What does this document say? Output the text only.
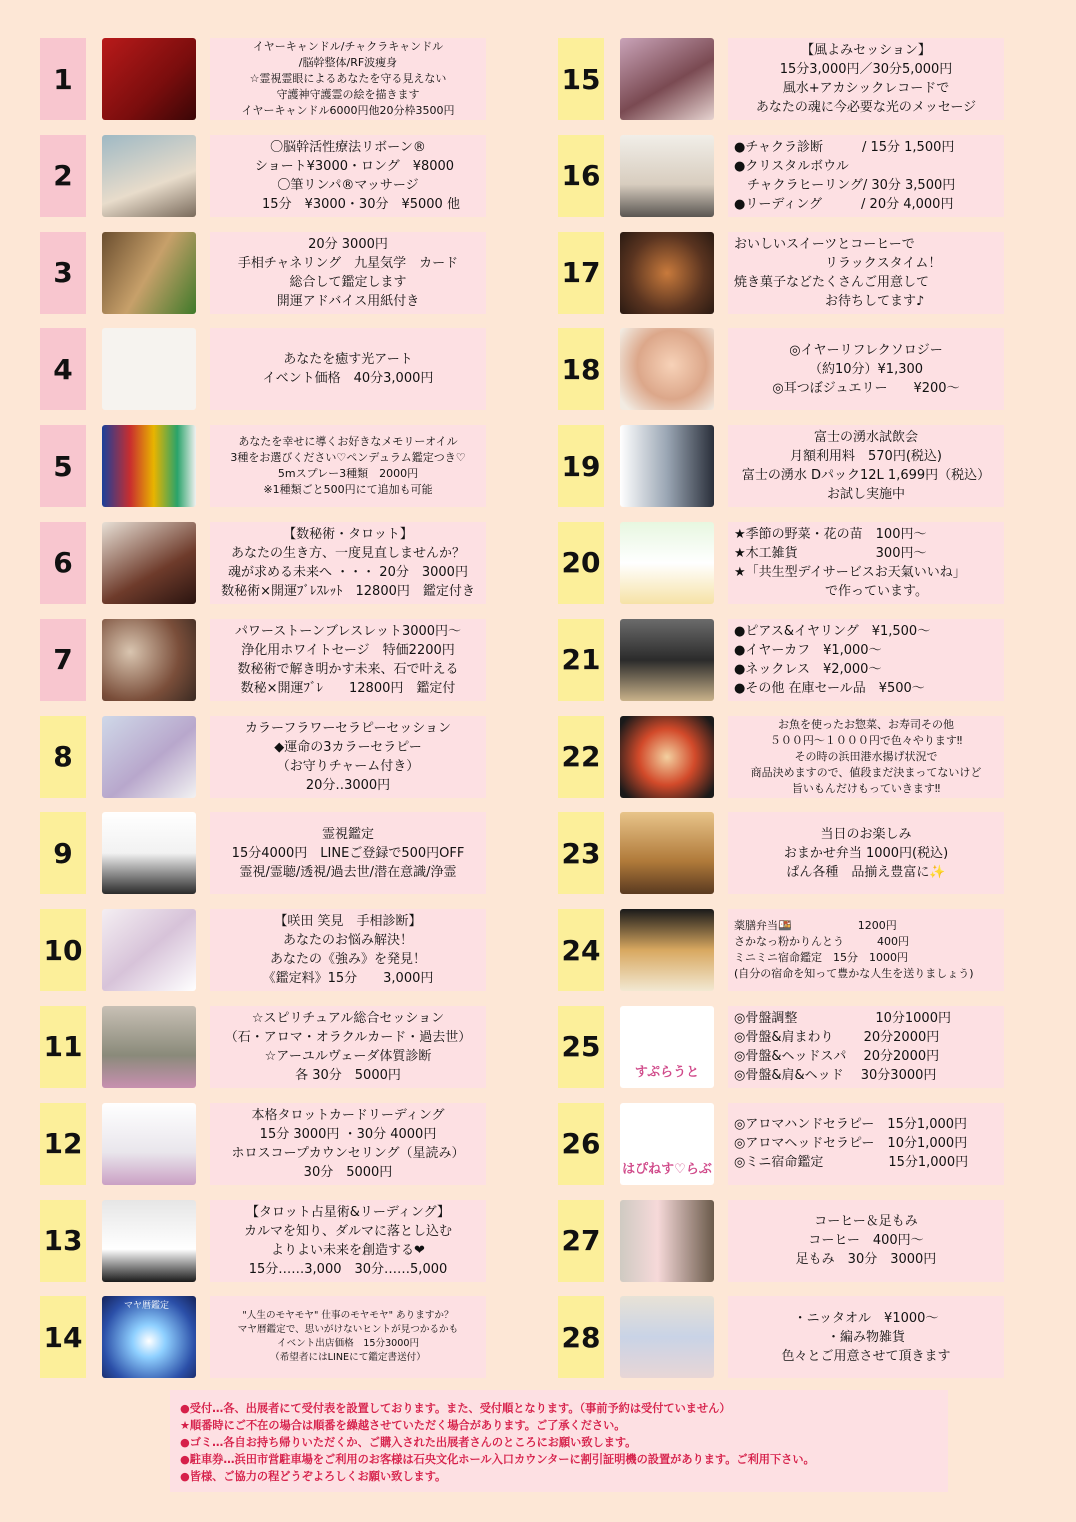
1
イヤーキャンドル/チャクラキャンドル
/脳幹整体/RF波痩身
☆霊視霊眼によるあなたを守る見えない
守護神守護霊の絵を描きます
イヤーキャンドル6000円他20分枠3500円
2
〇脳幹活性療法リボーン®
　ショート¥3000・ロング　¥8000
〇筆リンパ®マッサージ
　　15分　¥3000・30分　¥5000 他
3
20分 3000円
手相チャネリング　九星気学　カード
総合して鑑定します
開運アドバイス用紙付き
4	あなたを癒す光アート
イベント価格　40分3,000円
5
あなたを幸せに導くお好きなメモリーオイル
3種をお選びください♡ペンデュラム鑑定つき♡
5mスプレー3種類　2000円
※1種類ごと500円にて追加も可能
6
【数秘術・タロット】
あなたの生き方、一度見直しませんか？
魂が求める未来へ ・・・ 20分　3000円
数秘術×開運ﾌﾞﾚｽﾚｯﾄ　12800円　鑑定付き
7
パワーストーンブレスレット3000円〜
浄化用ホワイトセージ　特価2200円
数秘術で解き明かす未来、石で叶える
数秘×開運ﾌﾞﾚ　　12800円　鑑定付
8
カラーフラワーセラピーセッション
◆運命の3カラーセラピー
（お守りチャーム付き）
20分‥3000円
9
霊視鑑定
15分4000円　LINEご登録で500円OFF
霊視/霊聴/透視/過去世/潜在意識/浄霊
10
【咲田 笑見　手相診断】
あなたのお悩み解決！
あなたの《強み》を発見！
《鑑定料》15分　　3,000円
11
☆スピリチュアル総合セッション
（石・アロマ・オラクルカード・過去世）
☆アーユルヴェーダ体質診断
各 30分　5000円
12
本格タロットカードリーディング
15分 3000円 ・30分 4000円
ホロスコープカウンセリング（星読み）
30分　5000円
13
【タロット占星術&リーディング】
カルマを知り、ダルマに落とし込む
よりよい未来を創造する❤
15分……3,000　30分……5,000
14
マヤ暦鑑定
"人生のモヤモヤ" 仕事のモヤモヤ" ありますか？
マヤ暦鑑定で、思いがけないヒントが見つかるかも
イベント出店価格　15分3000円
（希望者にはLINEにて鑑定書送付）
15
【風よみセッション】
15分3,000円／30分5,000円
風水+アカシックレコードで
あなたの魂に今必要な光のメッセージ
16
●チャクラ診断　　　/ 15分 1,500円
●クリスタルボウル
　チャクラヒーリング/ 30分 3,500円
●リーディング　　　/ 20分 4,000円
17
おいしいスイーツとコーヒーで
　　　　　　　リラックスタイム！
焼き菓子などたくさんご用意して
　　　　　　　お待ちしてます♪
18
◎イヤーリフレクソロジー
（約10分）¥1,300
◎耳つぼジュエリー　　¥200〜
19
富士の湧水試飲会
月額利用料　570円(税込)
富士の湧水 Dパック12L 1,699円（税込）
お試し実施中
20
★季節の野菜・花の苗　100円〜
★木工雑貨　　　　　　300円〜
★「共生型デイサービスお天氣いいね」
　　　　　　　で作っています。
21
●ピアス&イヤリング　¥1,500〜
●イヤーカフ　¥1,000〜
●ネックレス　¥2,000〜
●その他 在庫セール品　¥500〜
22
お魚を使ったお惣菜、お寿司その他
５００円〜１０００円で色々やります‼
その時の浜田港水揚げ状況で
商品決めますので、値段まだ決まってないけど
旨いもんだけもっていきます‼
23
当日のお楽しみ
おまかせ弁当 1000円(税込)
ぱん各種　品揃え豊富に✨
24
薬膳弁当🍱　　　　　　1200円
さかなっ粉かりんとう　　　400円
ミニミニ宿命鑑定　15分　1000円
(自分の宿命を知って豊かな人生を送りましょう)
25
すぷらうと
◎骨盤調整　　　　　　10分1000円
◎骨盤&肩まわり　　 20分2000円
◎骨盤&ヘッドスパ　 20分2000円
◎骨盤&肩&ヘッド　 30分3000円
26
はぴねす♡らぶ
◎アロマハンドセラピー　15分1,000円
◎アロマヘッドセラピー　10分1,000円
◎ミニ宿命鑑定　　　　　15分1,000円
27
コーヒー＆足もみ
コーヒー　400円〜
足もみ　30分　3000円
28
・ニッタオル　¥1000〜
・編み物雑貨
色々とご用意させて頂きます
●受付…各、出展者にて受付表を設置しております。また、受付順となります。（事前予約は受付ていません）
★順番時にご不在の場合は順番を繰越させていただく場合があります。ご了承ください。
●ゴミ…各自お持ち帰りいただくか、ご購入された出展者さんのところにお願い致します。
●駐車券…浜田市営駐車場をご利用のお客様は石央文化ホール入口カウンターに割引証明機の設置があります。ご利用下さい。
●皆様、ご協力の程どうぞよろしくお願い致します。
